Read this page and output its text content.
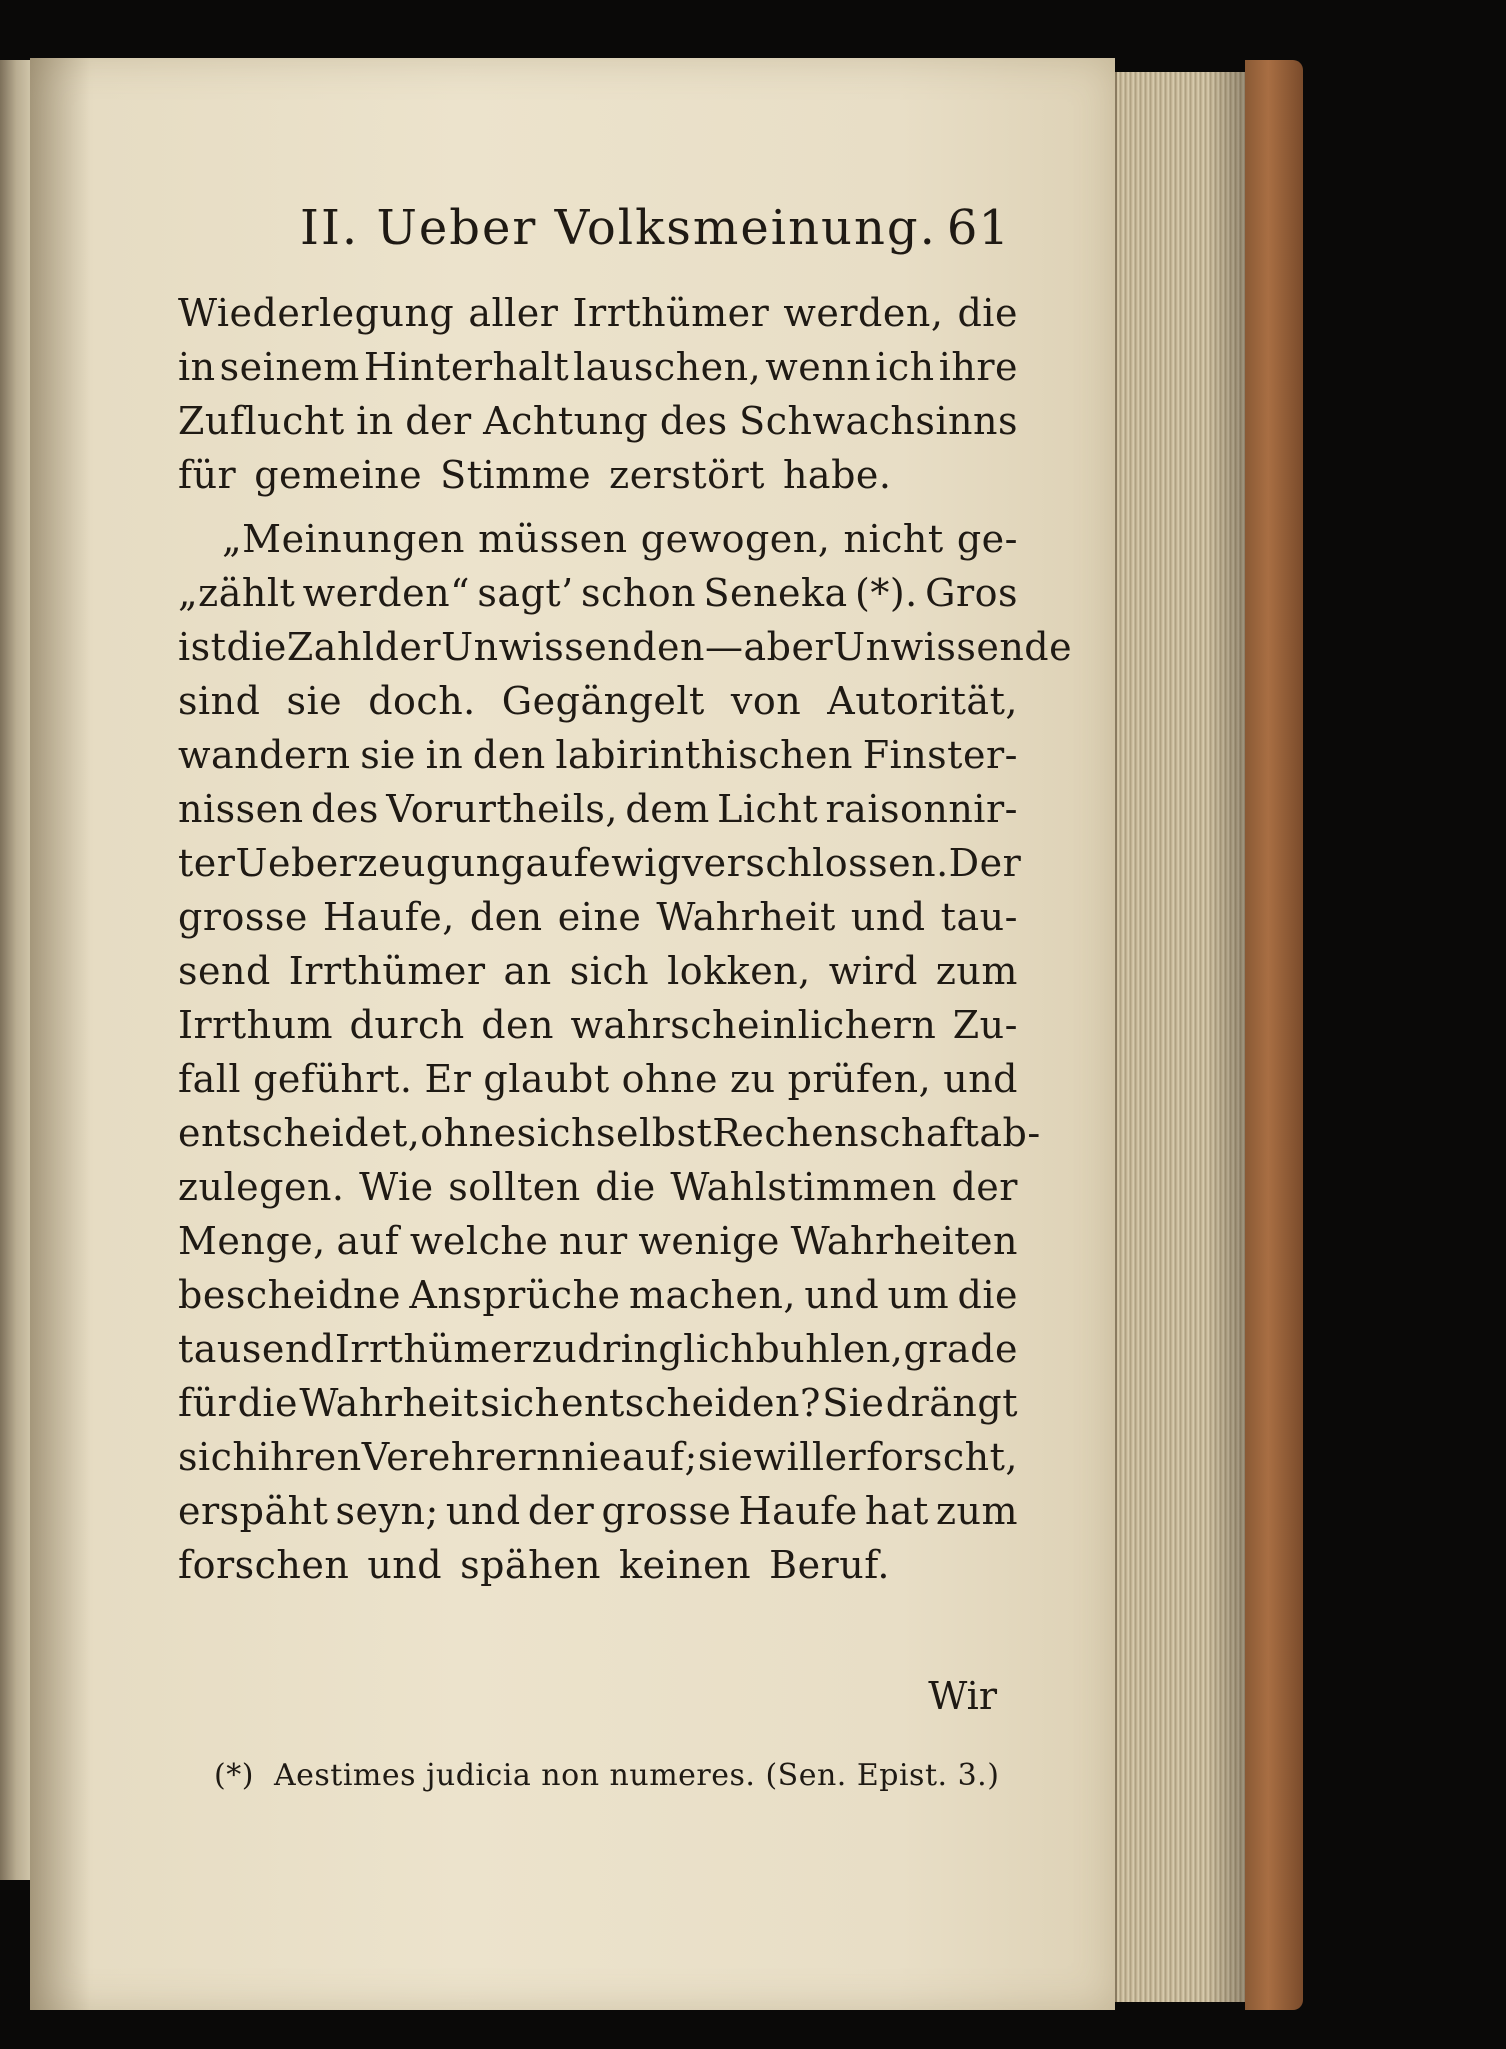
II. Ueber Volksmeinung. 61
Wiederlegung aller Irrthümer werden, die
in seinem Hinterhalt lauschen, wenn ich ihre
Zuflucht in der Achtung des Schwachsinns
für gemeine Stimme zerstört habe.
„Meinungen müssen gewogen, nicht ge-
„zählt werden“ sagt’ schon Seneka (*). Gros
ist die Zahl der Unwissenden — aber Unwissende
sind sie doch. Gegängelt von Autorität,
wandern sie in den labirinthischen Finster-
nissen des Vorurtheils, dem Licht raisonnir-
ter Ueberzeugung auf ewig verschlossen. Der
grosse Haufe, den eine Wahrheit und tau-
send Irrthümer an sich lokken, wird zum
Irrthum durch den wahrscheinlichern Zu-
fall geführt. Er glaubt ohne zu prüfen, und
entscheidet, ohne sich selbst Rechenschaft ab-
zulegen. Wie sollten die Wahlstimmen der
Menge, auf welche nur wenige Wahrheiten
bescheidne Ansprüche machen, und um die
tausend Irrthümer zudringlich buhlen, grade
für die Wahrheit sich entscheiden? Sie drängt
sich ihren Verehrern nie auf; sie will erforscht,
erspäht seyn; und der grosse Haufe hat zum
forschen und spähen keinen Beruf.
Wir
(*) Aestimes judicia non numeres. (Sen. Epist. 3.)
